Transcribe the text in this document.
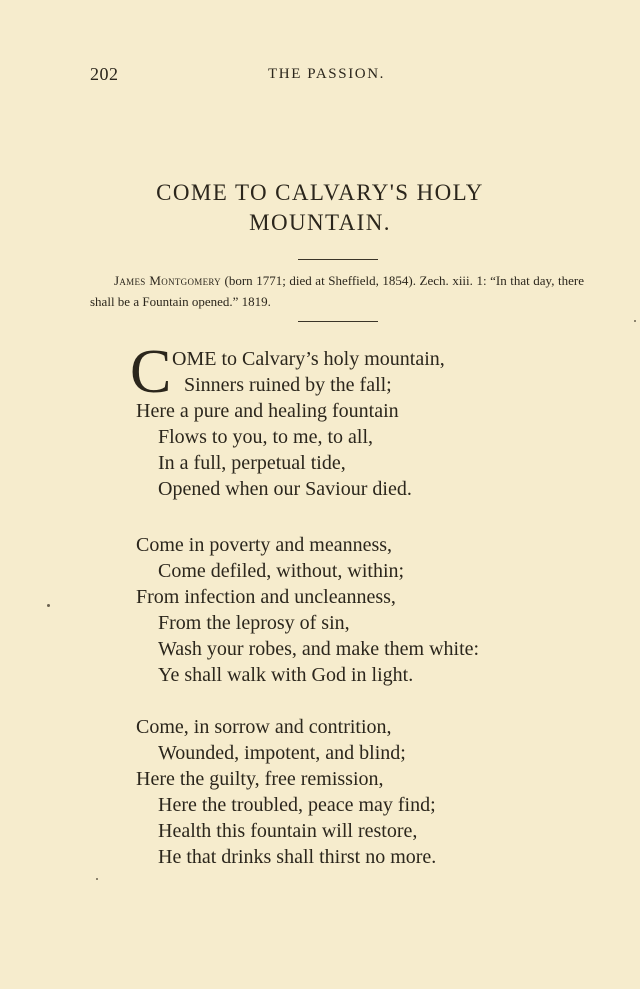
202	THE PASSION.
COME TO CALVARY'S HOLY MOUNTAIN.
James Montgomery (born 1771; died at Sheffield, 1854). Zech. xiii. 1: “In that day, there shall be a Fountain opened.” 1819.
C OME to Calvary’s holy mountain,
Sinners ruined by the fall;
Here a pure and healing fountain
Flows to you, to me, to all,
In a full, perpetual tide,
Opened when our Saviour died.
Come in poverty and meanness,
Come defiled, without, within;
From infection and uncleanness,
From the leprosy of sin,
Wash your robes, and make them white:
Ye shall walk with God in light.
Come, in sorrow and contrition,
Wounded, impotent, and blind;
Here the guilty, free remission,
Here the troubled, peace may find;
Health this fountain will restore,
He that drinks shall thirst no more.
